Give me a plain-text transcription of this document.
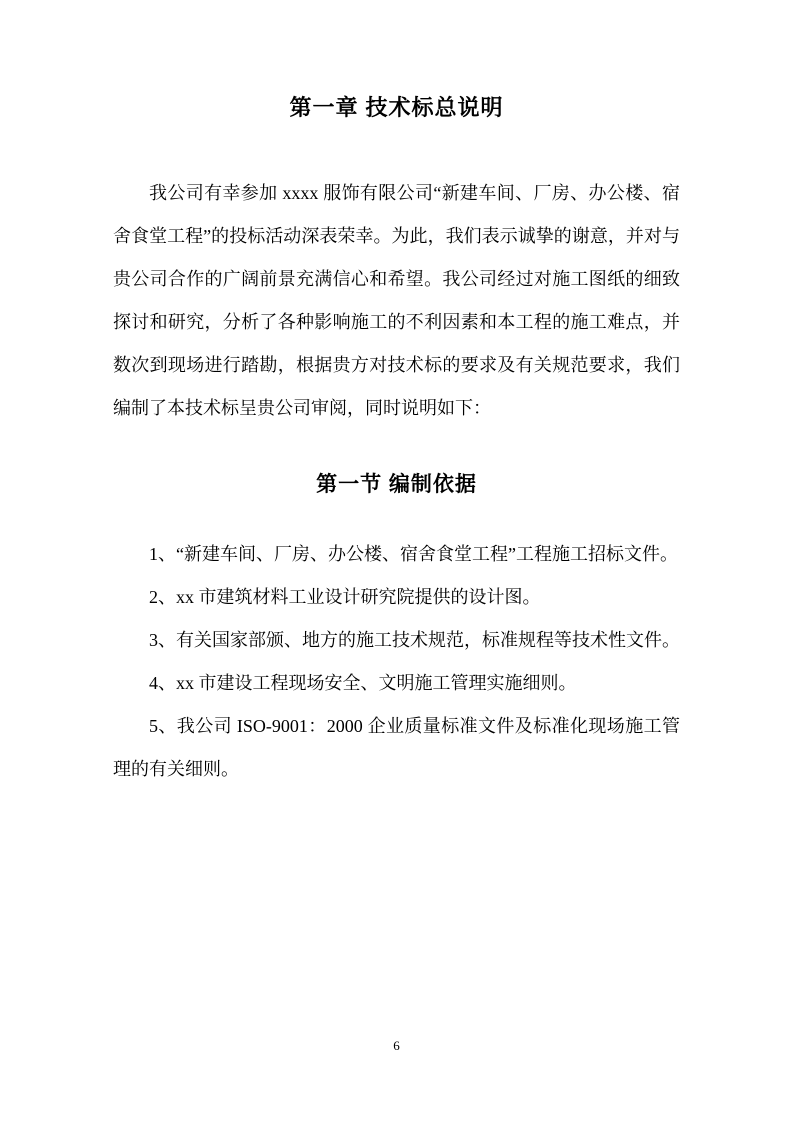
第一章 技术标总说明

我公司有幸参加 xxxx 服饰有限公司“新建车间、厂房、办公楼、宿舍食堂工程”的投标活动深表荣幸。为此，我们表示诚挚的谢意，并对与贵公司合作的广阔前景充满信心和希望。我公司经过对施工图纸的细致探讨和研究，分析了各种影响施工的不利因素和本工程的施工难点，并数次到现场进行踏勘，根据贵方对技术标的要求及有关规范要求，我们编制了本技术标呈贵公司审阅，同时说明如下：

第一节 编制依据

1、“新建车间、厂房、办公楼、宿舍食堂工程”工程施工招标文件。

2、xx 市建筑材料工业设计研究院提供的设计图。

3、有关国家部颁、地方的施工技术规范，标准规程等技术性文件。

4、xx 市建设工程现场安全、文明施工管理实施细则。

5、我公司 ISO-9001：2000 企业质量标准文件及标准化现场施工管理的有关细则。

6
